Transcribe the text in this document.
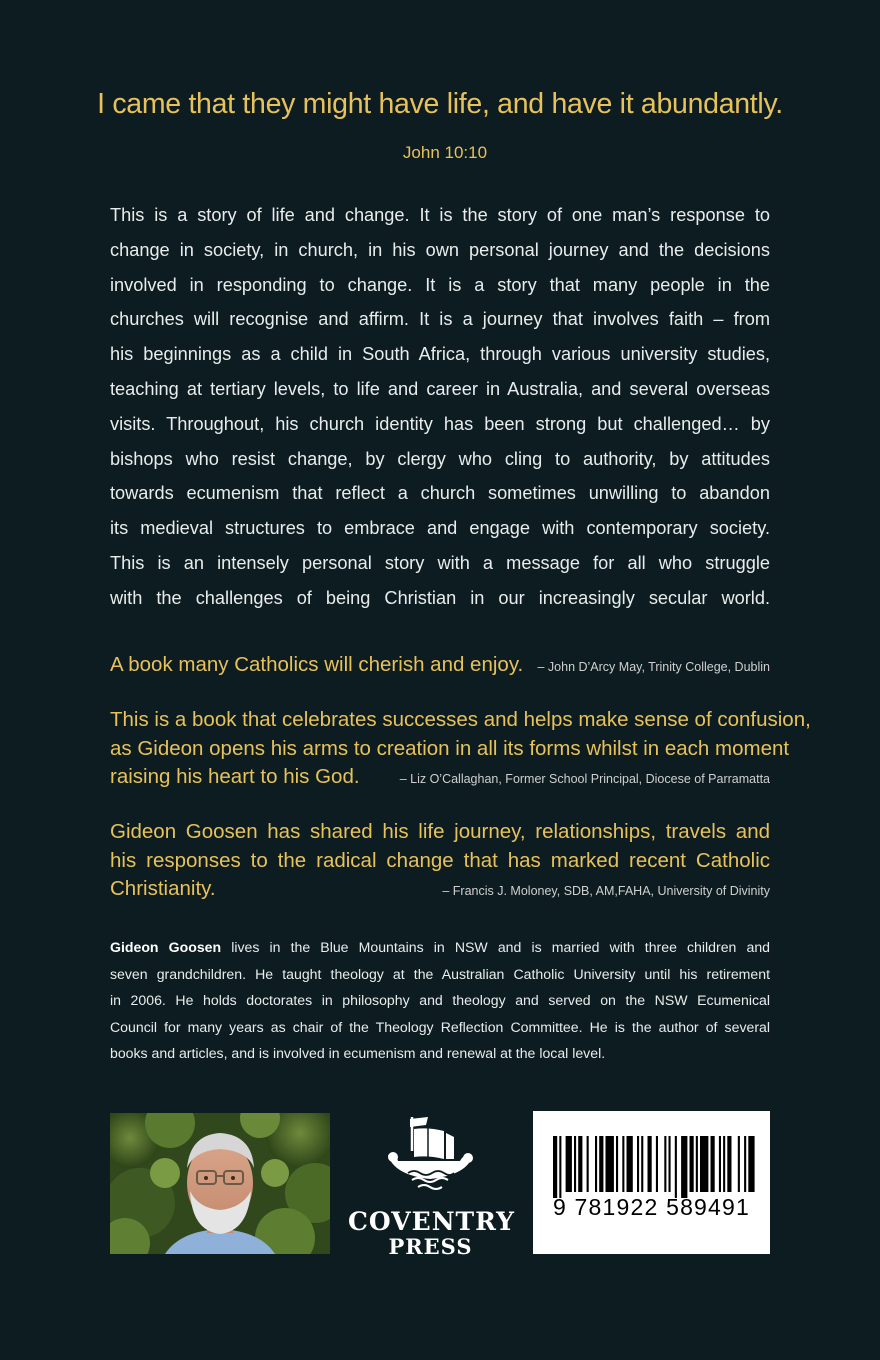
I came that they might have life, and have it abundantly.
John 10:10
This is a story of life and change. It is the story of one man’s response to
change in society, in church, in his own personal journey and the decisions
involved in responding to change. It is a story that many people in the
churches will recognise and affirm. It is a journey that involves faith – from
his beginnings as a child in South Africa, through various university studies,
teaching at tertiary levels, to life and career in Australia, and several overseas
visits. Throughout, his church identity has been strong but challenged… by
bishops who resist change, by clergy who cling to authority, by attitudes
towards ecumenism that reflect a church sometimes unwilling to abandon
its medieval structures to embrace and engage with contemporary society.
This is an intensely personal story with a message for all who struggle
with the challenges of being Christian in our increasingly secular world.
A book many Catholics will cherish and enjoy. – John D’Arcy May, Trinity College, Dublin
This is a book that celebrates successes and helps make sense of confusion,
as Gideon opens his arms to creation in all its forms whilst in each moment
raising his heart to his God.	– Liz O’Callaghan, Former School Principal, Diocese of Parramatta
Gideon Goosen has shared his life journey, relationships, travels and
his responses to the radical change that has marked recent Catholic
Christianity.	– Francis J. Moloney, SDB, AM,FAHA, University of Divinity
Gideon Goosen lives in the Blue Mountains in NSW and is married with three children and
seven grandchildren. He taught theology at the Australian Catholic University until his retirement
in 2006. He holds doctorates in philosophy and theology and served on the NSW Ecumenical
Council for many years as chair of the Theology Reflection Committee. He is the author of several
books and articles, and is involved in ecumenism and renewal at the local level.
COVENTRY
PRESS
9 781922 589491
